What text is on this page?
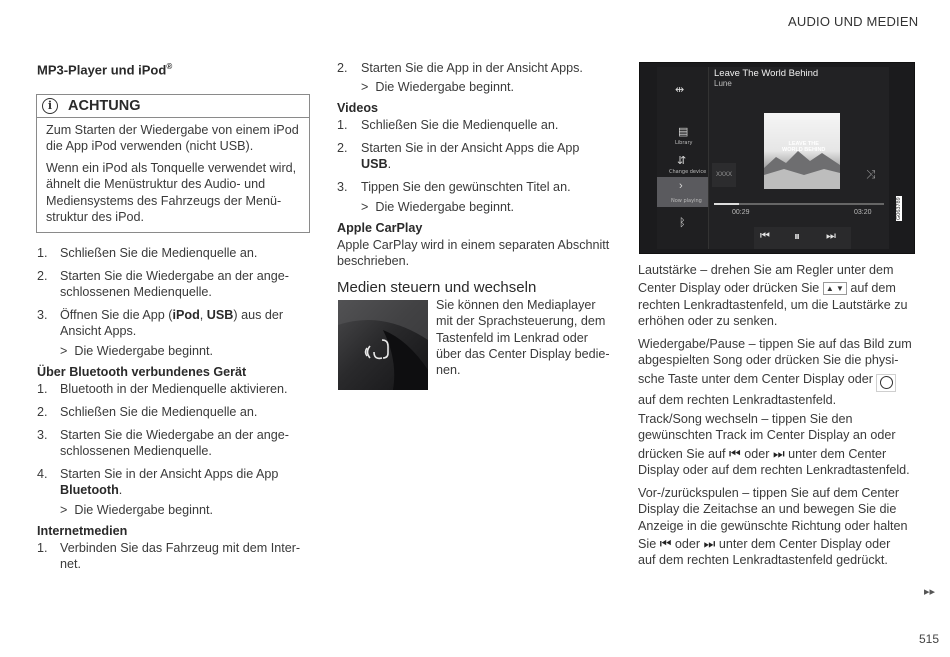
AUDIO UND MEDIEN
MP3-Player und iPod®
i	ACHTUNG
Zum Starten der Wiedergabe von einem iPod die App iPod verwenden (nicht USB).
Wenn ein iPod als Tonquelle verwendet wird,
ähnelt die Menüstruktur des Audio- und
Mediensystems des Fahrzeugs der Menü-
struktur des iPod.
1. Schließen Sie die Medienquelle an.
2. Starten Sie die Wiedergabe an der ange-
schlossenen Medienquelle.
3. Öffnen Sie die App (iPod, USB) aus der
Ansicht Apps.
> Die Wiedergabe beginnt.
Über Bluetooth verbundenes Gerät
1. Bluetooth in der Medienquelle aktivieren.
2. Schließen Sie die Medienquelle an.
3. Starten Sie die Wiedergabe an der ange-
schlossenen Medienquelle.
4. Starten Sie in der Ansicht Apps die App
Bluetooth.
> Die Wiedergabe beginnt.
Internetmedien
1. Verbinden Sie das Fahrzeug mit dem Inter-
net.
2. Starten Sie die App in der Ansicht Apps.
> Die Wiedergabe beginnt.
Videos
1. Schließen Sie die Medienquelle an.
2. Starten Sie in der Ansicht Apps die App
USB.
3. Tippen Sie den gewünschten Titel an.
> Die Wiedergabe beginnt.
Apple CarPlay
Apple CarPlay wird in einem separaten Abschnitt
beschrieben.
Medien steuern und wechseln
Sie können den Mediaplayer
mit der Sprachsteuerung, dem
Tastenfeld im Lenkrad oder
über das Center Display bedie-
nen.
⇹
▤
Library
⇵
Change device
›
Now playing
ᛒ
Leave The World Behind
Lune
XXXX	⤨
LEAVE THE
WORLD BEHIND
00:29	03:20
⏮ ⏸ ⏭
G063789
Lautstärke – drehen Sie am Regler unter dem
Center Display oder drücken Sie ▲ ▼ auf dem
rechten Lenkradtastenfeld, um die Lautstärke zu
erhöhen oder zu senken.
Wiedergabe/Pause – tippen Sie auf das Bild zum
abgespielten Song oder drücken Sie die physi-
sche Taste unter dem Center Display oder
auf dem rechten Lenkradtastenfeld.
Track/Song wechseln – tippen Sie den
gewünschten Track im Center Display an oder
drücken Sie auf ⏮ oder ⏭ unter dem Center
Display oder auf dem rechten Lenkradtastenfeld.
Vor-/zurückspulen – tippen Sie auf dem Center
Display die Zeitachse an und bewegen Sie die
Anzeige in die gewünschte Richtung oder halten
Sie ⏮ oder ⏭ unter dem Center Display oder
auf dem rechten Lenkradtastenfeld gedrückt.
▸▸
515
